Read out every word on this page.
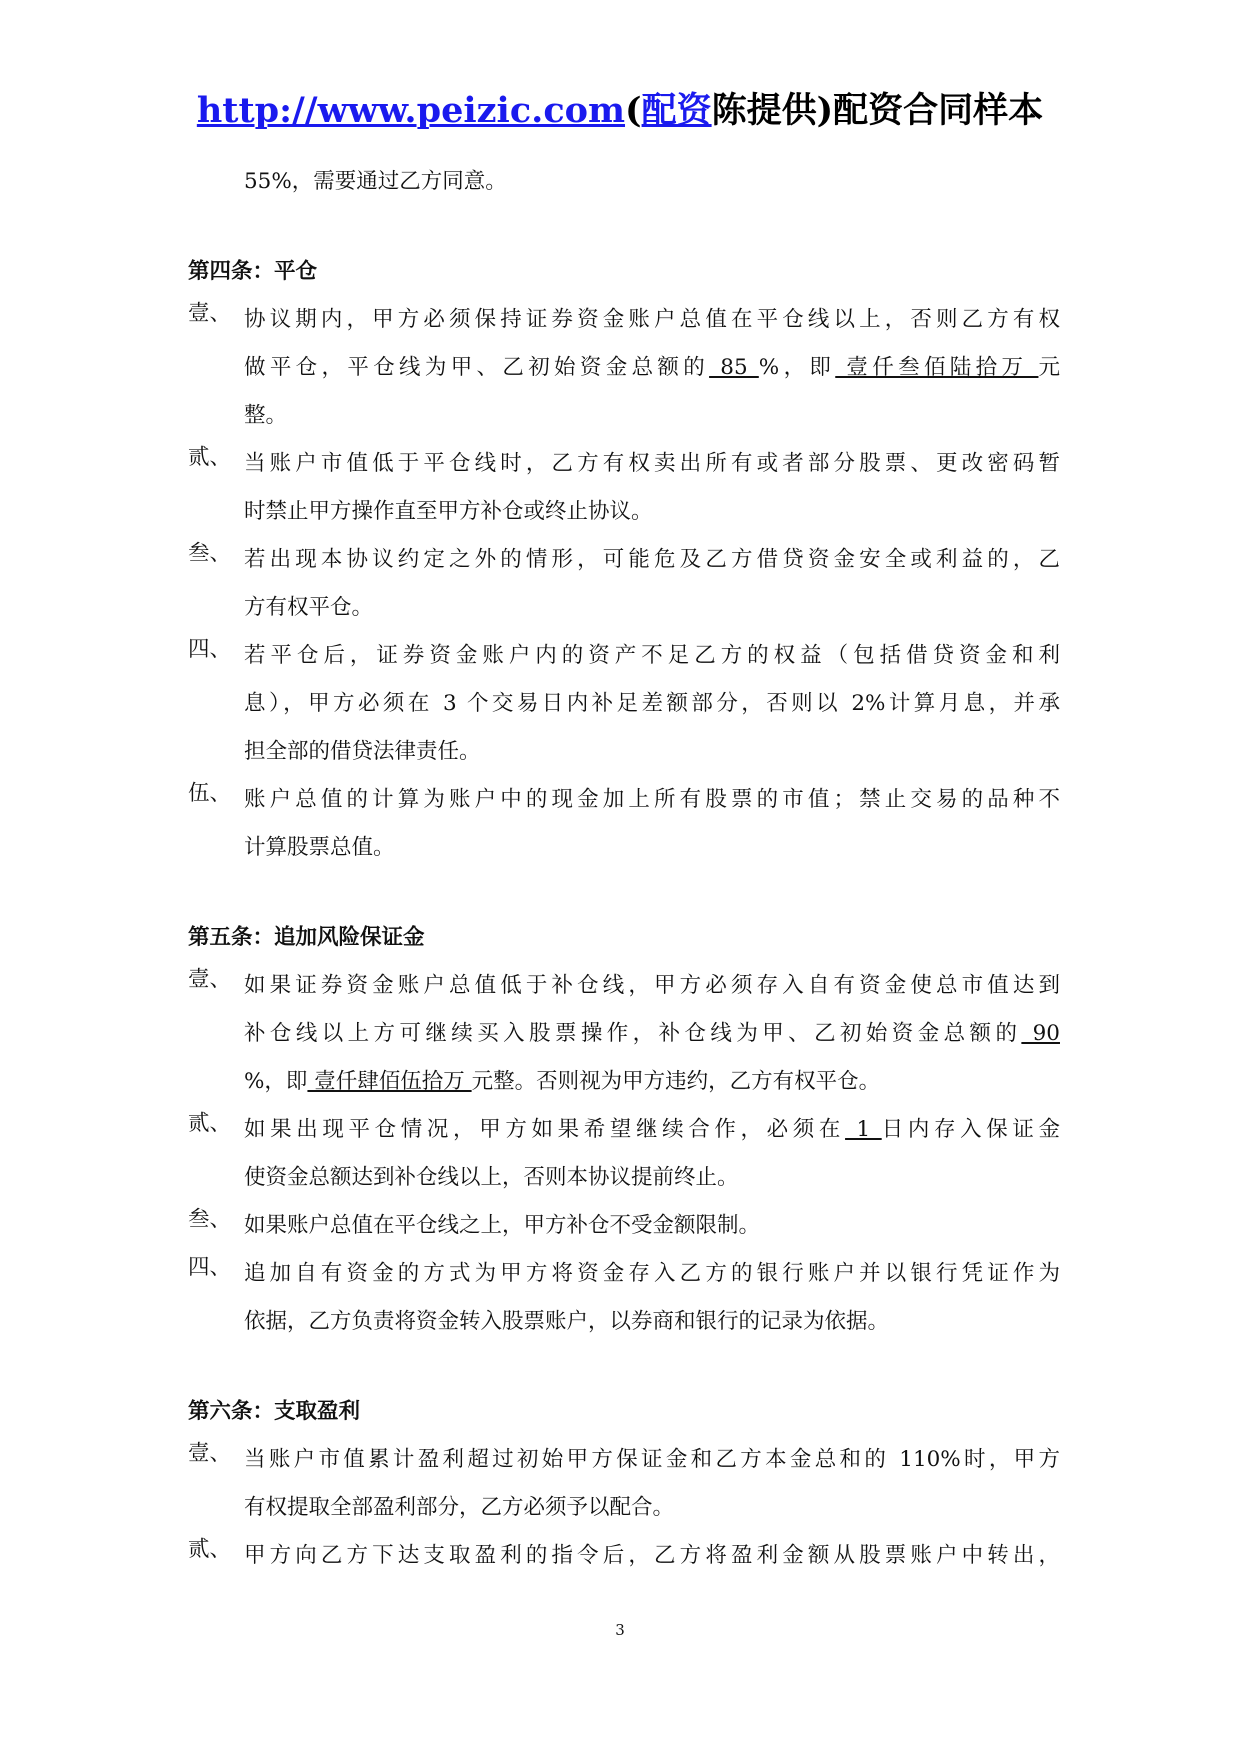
http://www.peizic.com(配资陈提供)配资合同样本
55%，需要通过乙方同意。
第四条：平仓
壹、 协议期内，甲方必须保持证券资金账户总值在平仓线以上，否则乙方有权
做平仓，平仓线为甲、乙初始资金总额的 85 %，即 壹仟叁佰陆拾万 元
整。
贰、 当账户市值低于平仓线时，乙方有权卖出所有或者部分股票、更改密码暂
时禁止甲方操作直至甲方补仓或终止协议。
叁、 若出现本协议约定之外的情形，可能危及乙方借贷资金安全或利益的，乙
方有权平仓。
四、 若平仓后，证券资金账户内的资产不足乙方的权益（包括借贷资金和利
息），甲方必须在 3 个交易日内补足差额部分，否则以 2%计算月息，并承
担全部的借贷法律责任。
伍、 账户总值的计算为账户中的现金加上所有股票的市值；禁止交易的品种不
计算股票总值。
第五条：追加风险保证金
壹、 如果证券资金账户总值低于补仓线，甲方必须存入自有资金使总市值达到
补仓线以上方可继续买入股票操作，补仓线为甲、乙初始资金总额的 90
%，即 壹仟肆佰伍拾万 元整。否则视为甲方违约，乙方有权平仓。
贰、 如果出现平仓情况，甲方如果希望继续合作，必须在 1 日内存入保证金
使资金总额达到补仓线以上，否则本协议提前终止。
叁、 如果账户总值在平仓线之上，甲方补仓不受金额限制。
四、 追加自有资金的方式为甲方将资金存入乙方的银行账户并以银行凭证作为
依据，乙方负责将资金转入股票账户，以券商和银行的记录为依据。
第六条：支取盈利
壹、 当账户市值累计盈利超过初始甲方保证金和乙方本金总和的 110%时，甲方
有权提取全部盈利部分，乙方必须予以配合。
贰、 甲方向乙方下达支取盈利的指令后，乙方将盈利金额从股票账户中转出，
3
